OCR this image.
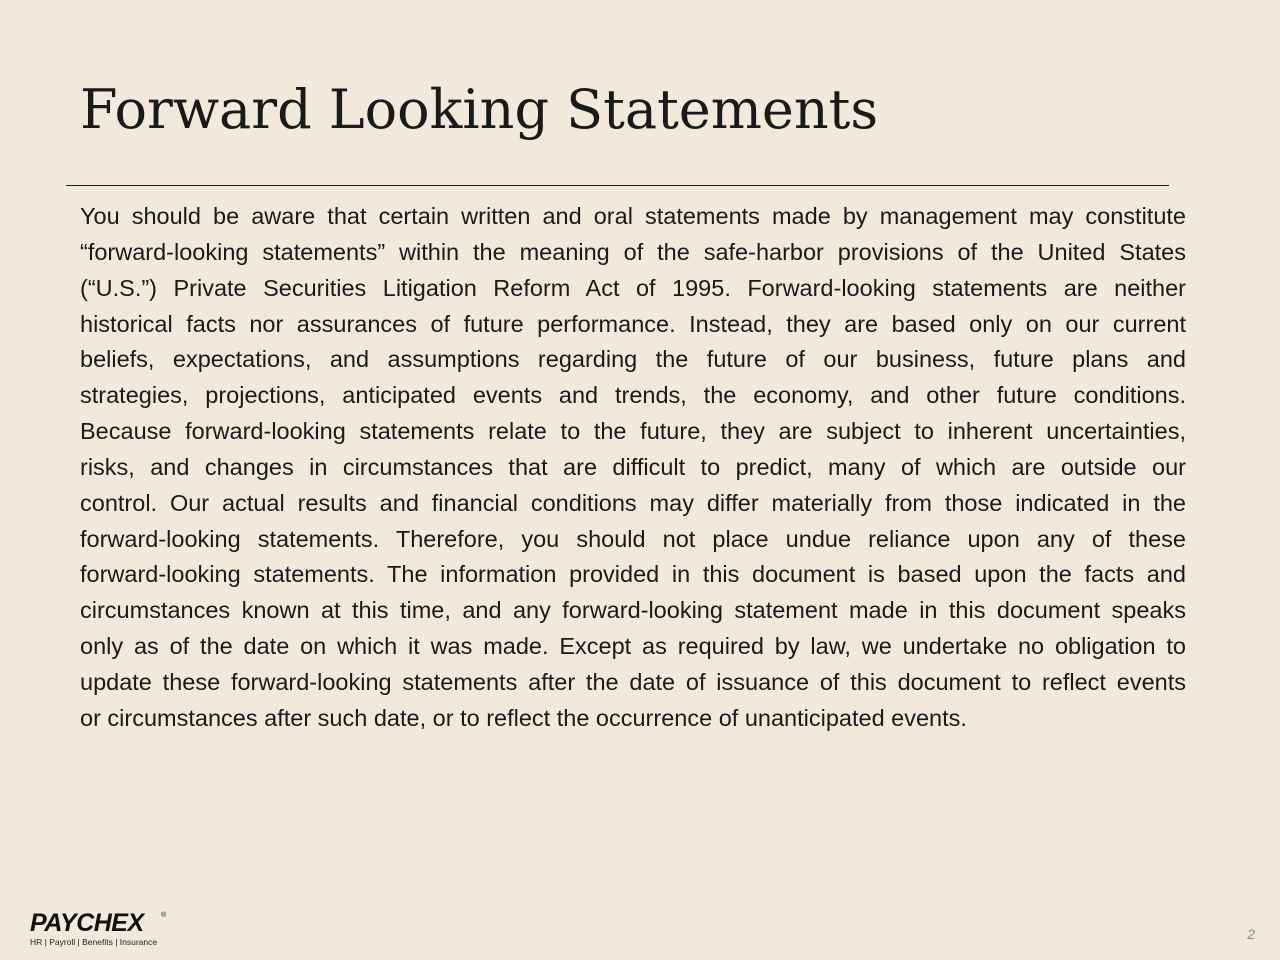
Forward Looking Statements
You should be aware that certain written and oral statements made by management may constitute
“forward-looking statements” within the meaning of the safe-harbor provisions of the United States
(“U.S.”) Private Securities Litigation Reform Act of 1995. Forward-looking statements are neither
historical facts nor assurances of future performance. Instead, they are based only on our current
beliefs, expectations, and assumptions regarding the future of our business, future plans and
strategies, projections, anticipated events and trends, the economy, and other future conditions.
Because forward-looking statements relate to the future, they are subject to inherent uncertainties,
risks, and changes in circumstances that are difficult to predict, many of which are outside our
control. Our actual results and financial conditions may differ materially from those indicated in the
forward-looking statements. Therefore, you should not place undue reliance upon any of these
forward-looking statements. The information provided in this document is based upon the facts and
circumstances known at this time, and any forward-looking statement made in this document speaks
only as of the date on which it was made. Except as required by law, we undertake no obligation to
update these forward-looking statements after the date of issuance of this document to reflect events
or circumstances after such date, or to reflect the occurrence of unanticipated events.
PAYCHEX	®
HR | Payroll | Benefits | Insurance	2
